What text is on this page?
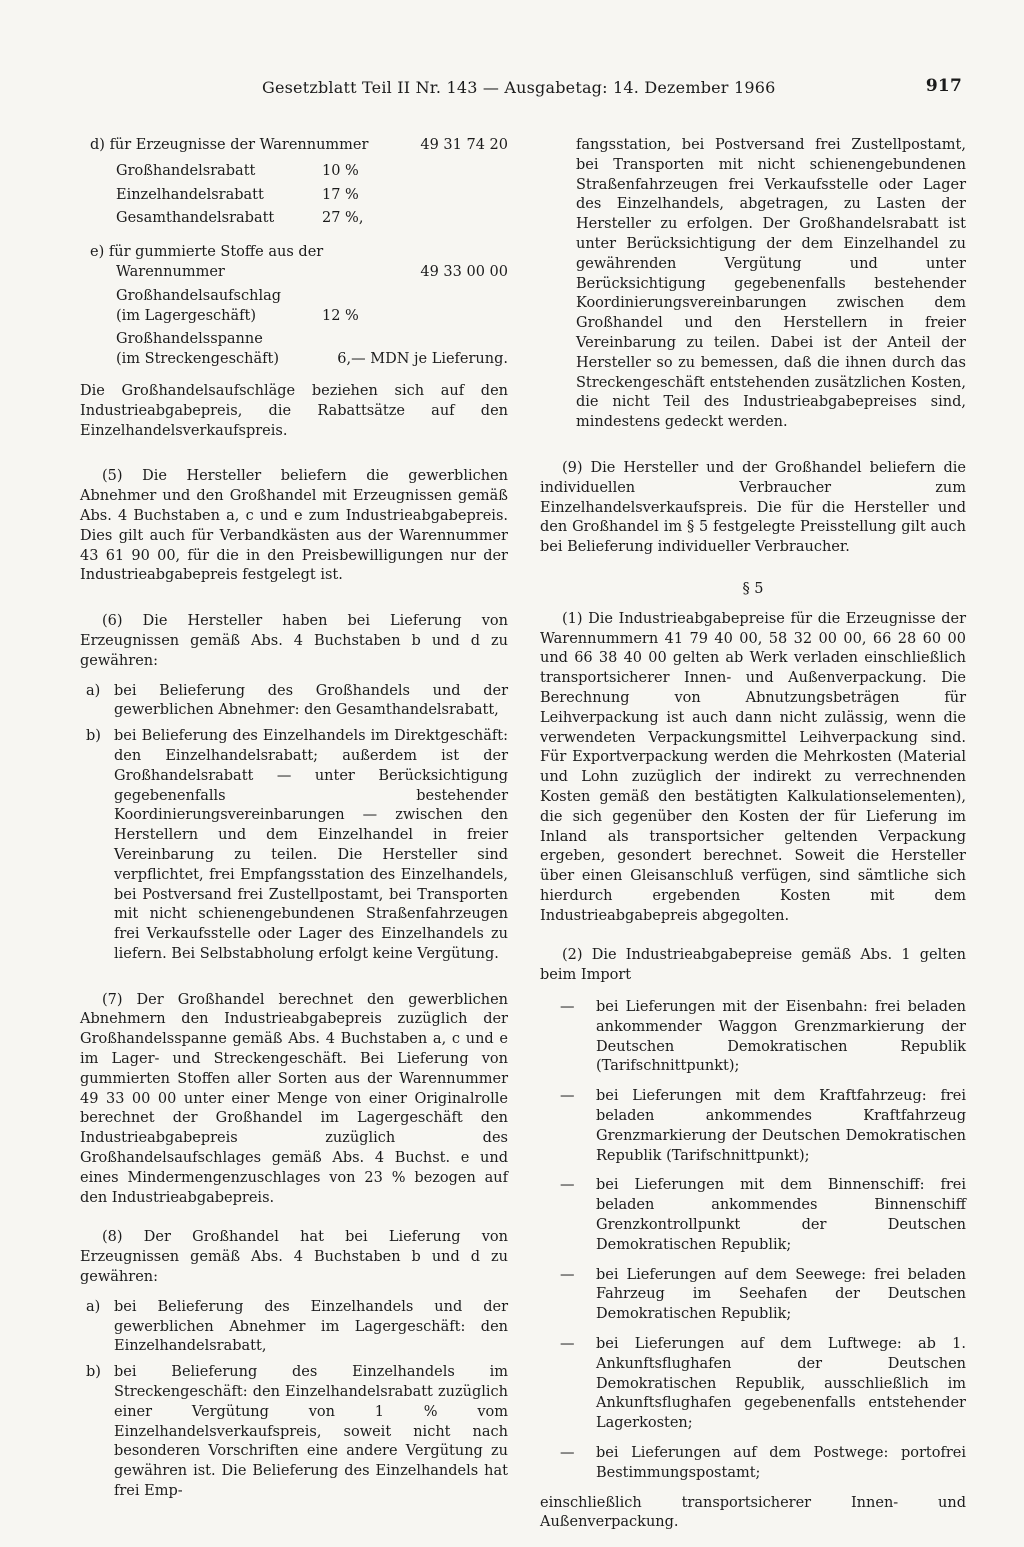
Gesetzblatt Teil II Nr. 143 — Ausgabetag: 14. Dezember 1966	917
d) für Erzeugnisse der Warennummer	49 31 74 20
Großhandelsrabatt	10 %
Einzelhandelsrabatt	17 %
Gesamthandelsrabatt	27 %,
e) für gummierte Stoffe aus der
Warennummer	49 33 00 00
Großhandelsaufschlag
(im Lagergeschäft)	12 %
Großhandelsspanne
(im Streckengeschäft)	6,— MDN je Lieferung.

Die Großhandelsaufschläge beziehen sich auf den Industrieabgabepreis, die Rabattsätze auf den Einzelhandelsverkaufspreis.

(5) Die Hersteller beliefern die gewerblichen Abnehmer und den Großhandel mit Erzeugnissen gemäß Abs. 4 Buchstaben a, c und e zum Industrieabgabepreis. Dies gilt auch für Verbandkästen aus der Warennummer 43 61 90 00, für die in den Preisbewilligungen nur der Industrieabgabepreis festgelegt ist.

(6) Die Hersteller haben bei Lieferung von Erzeugnissen gemäß Abs. 4 Buchstaben b und d zu gewähren:

a) bei Belieferung des Großhandels und der gewerblichen Abnehmer: den Gesamthandelsrabatt,
b) bei Belieferung des Einzelhandels im Direktgeschäft: den Einzelhandelsrabatt; außerdem ist der Großhandelsrabatt — unter Berücksichtigung gegebenenfalls bestehender Koordinierungsvereinbarungen — zwischen den Herstellern und dem Einzelhandel in freier Vereinbarung zu teilen. Die Hersteller sind verpflichtet, frei Empfangsstation des Einzelhandels, bei Postversand frei Zustellpostamt, bei Transporten mit nicht schienengebundenen Straßenfahrzeugen frei Verkaufsstelle oder Lager des Einzelhandels zu liefern. Bei Selbstabholung erfolgt keine Vergütung.

(7) Der Großhandel berechnet den gewerblichen Abnehmern den Industrieabgabepreis zuzüglich der Großhandelsspanne gemäß Abs. 4 Buchstaben a, c und e im Lager- und Streckengeschäft. Bei Lieferung von gummierten Stoffen aller Sorten aus der Warennummer 49 33 00 00 unter einer Menge von einer Originalrolle berechnet der Großhandel im Lagergeschäft den Industrieabgabepreis zuzüglich des Großhandelsaufschlages gemäß Abs. 4 Buchst. e und eines Mindermengenzuschlages von 23 % bezogen auf den Industrieabgabepreis.

(8) Der Großhandel hat bei Lieferung von Erzeugnissen gemäß Abs. 4 Buchstaben b und d zu gewähren:

a) bei Belieferung des Einzelhandels und der gewerblichen Abnehmer im Lagergeschäft: den Einzelhandelsrabatt,
b) bei Belieferung des Einzelhandels im Streckengeschäft: den Einzelhandelsrabatt zuzüglich einer Vergütung von 1 % vom Einzelhandelsverkaufspreis, soweit nicht nach besonderen Vorschriften eine andere Vergütung zu gewähren ist. Die Belieferung des Einzelhandels hat frei Emp-

fangsstation, bei Postversand frei Zustellpostamt, bei Transporten mit nicht schienengebundenen Straßenfahrzeugen frei Verkaufsstelle oder Lager des Einzelhandels, abgetragen, zu Lasten der Hersteller zu erfolgen. Der Großhandelsrabatt ist unter Berücksichtigung der dem Einzelhandel zu gewährenden Vergütung und unter Berücksichtigung gegebenenfalls bestehender Koordinierungsvereinbarungen zwischen dem Großhandel und den Herstellern in freier Vereinbarung zu teilen. Dabei ist der Anteil der Hersteller so zu bemessen, daß die ihnen durch das Streckengeschäft entstehenden zusätzlichen Kosten, die nicht Teil des Industrieabgabepreises sind, mindestens gedeckt werden.

(9) Die Hersteller und der Großhandel beliefern die individuellen Verbraucher zum Einzelhandelsverkaufspreis. Die für die Hersteller und den Großhandel im § 5 festgelegte Preisstellung gilt auch bei Belieferung individueller Verbraucher.

§ 5

(1) Die Industrieabgabepreise für die Erzeugnisse der Warennummern 41 79 40 00, 58 32 00 00, 66 28 60 00 und 66 38 40 00 gelten ab Werk verladen einschließlich transportsicherer Innen- und Außenverpackung. Die Berechnung von Abnutzungsbeträgen für Leihverpackung ist auch dann nicht zulässig, wenn die verwendeten Verpackungsmittel Leihverpackung sind. Für Exportverpackung werden die Mehrkosten (Material und Lohn zuzüglich der indirekt zu verrechnenden Kosten gemäß den bestätigten Kalkulationselementen), die sich gegenüber den Kosten der für Lieferung im Inland als transportsicher geltenden Verpackung ergeben, gesondert berechnet. Soweit die Hersteller über einen Gleisanschluß verfügen, sind sämtliche sich hierdurch ergebenden Kosten mit dem Industrieabgabepreis abgegolten.

(2) Die Industrieabgabepreise gemäß Abs. 1 gelten beim Import

—	bei Lieferungen mit der Eisenbahn: frei beladen ankommender Waggon Grenzmarkierung der Deutschen Demokratischen Republik (Tarifschnittpunkt);
—	bei Lieferungen mit dem Kraftfahrzeug: frei beladen ankommendes Kraftfahrzeug Grenzmarkierung der Deutschen Demokratischen Republik (Tarifschnittpunkt);
—	bei Lieferungen mit dem Binnenschiff: frei beladen ankommendes Binnenschiff Grenzkontrollpunkt der Deutschen Demokratischen Republik;
—	bei Lieferungen auf dem Seewege: frei beladen Fahrzeug im Seehafen der Deutschen Demokratischen Republik;
—	bei Lieferungen auf dem Luftwege: ab 1. Ankunftsflughafen der Deutschen Demokratischen Republik, ausschließlich im Ankunftsflughafen gegebenenfalls entstehender Lagerkosten;
—	bei Lieferungen auf dem Postwege: portofrei Bestimmungspostamt;

einschließlich transportsicherer Innen- und Außenverpackung.
